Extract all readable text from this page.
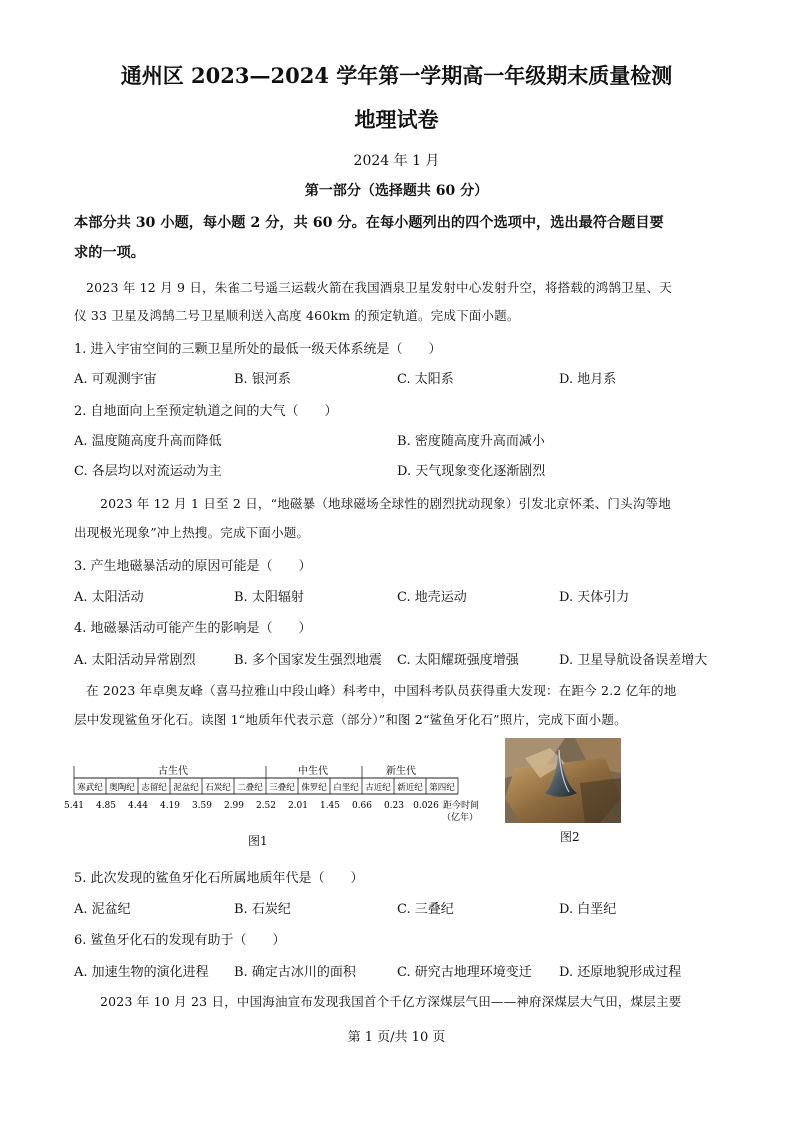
通州区 2023—2024 学年第一学期高一年级期末质量检测
地理试卷
2024 年 1 月
第一部分（选择题共 60 分）
本部分共 30 小题，每小题 2 分，共 60 分。在每小题列出的四个选项中，选出最符合题目要
求的一项。
2023 年 12 月 9 日，朱雀二号遥三运载火箭在我国酒泉卫星发射中心发射升空，将搭载的鸿鹄卫星、天
仪 33 卫星及鸿鹄二号卫星顺利送入高度 460km 的预定轨道。完成下面小题。
1. 进入宇宙空间的三颗卫星所处的最低一级天体系统是（　　）
A. 可观测宇宙	B. 银河系	C. 太阳系	D. 地月系
2. 自地面向上至预定轨道之间的大气（　　）
A. 温度随高度升高而降低	B. 密度随高度升高而减小
C. 各层均以对流运动为主	D. 天气现象变化逐渐剧烈
2023 年 12 月 1 日至 2 日，“地磁暴（地球磁场全球性的剧烈扰动现象）引发北京怀柔、门头沟等地
出现极光现象”冲上热搜。完成下面小题。
3. 产生地磁暴活动的原因可能是（　　）
A. 太阳活动	B. 太阳辐射	C. 地壳运动	D. 天体引力
4. 地磁暴活动可能产生的影响是（　　）
A. 太阳活动异常剧烈	B. 多个国家发生强烈地震 C. 太阳耀斑强度增强	D. 卫星导航设备误差增大
在 2023 年卓奥友峰（喜马拉雅山中段山峰）科考中，中国科考队员获得重大发现：在距今 2.2 亿年的地
层中发现鲨鱼牙化石。读图 1“地质年代表示意（部分）”和图 2“鲨鱼牙化石”照片，完成下面小题。
古生代	中生代	新生代
寒武纪 奥陶纪 志留纪 泥盆纪 石炭纪 二叠纪 三叠纪 侏罗纪 白垩纪 古近纪 新近纪 第四纪
5.41 4.85 4.44 4.19 3.59 2.99 2.52 2.01 1.45 0.66 0.23 0.026 距今时间
（亿年）
图1	图2
5. 此次发现的鲨鱼牙化石所属地质年代是（　　）
A. 泥盆纪	B. 石炭纪	C. 三叠纪	D. 白垩纪
6. 鲨鱼牙化石的发现有助于（　　）
A. 加速生物的演化进程 B. 确定古冰川的面积	C. 研究古地理环境变迁 D. 还原地貌形成过程
2023 年 10 月 23 日，中国海油宣布发现我国首个千亿方深煤层气田——神府深煤层大气田，煤层主要
第 1 页/共 10 页
